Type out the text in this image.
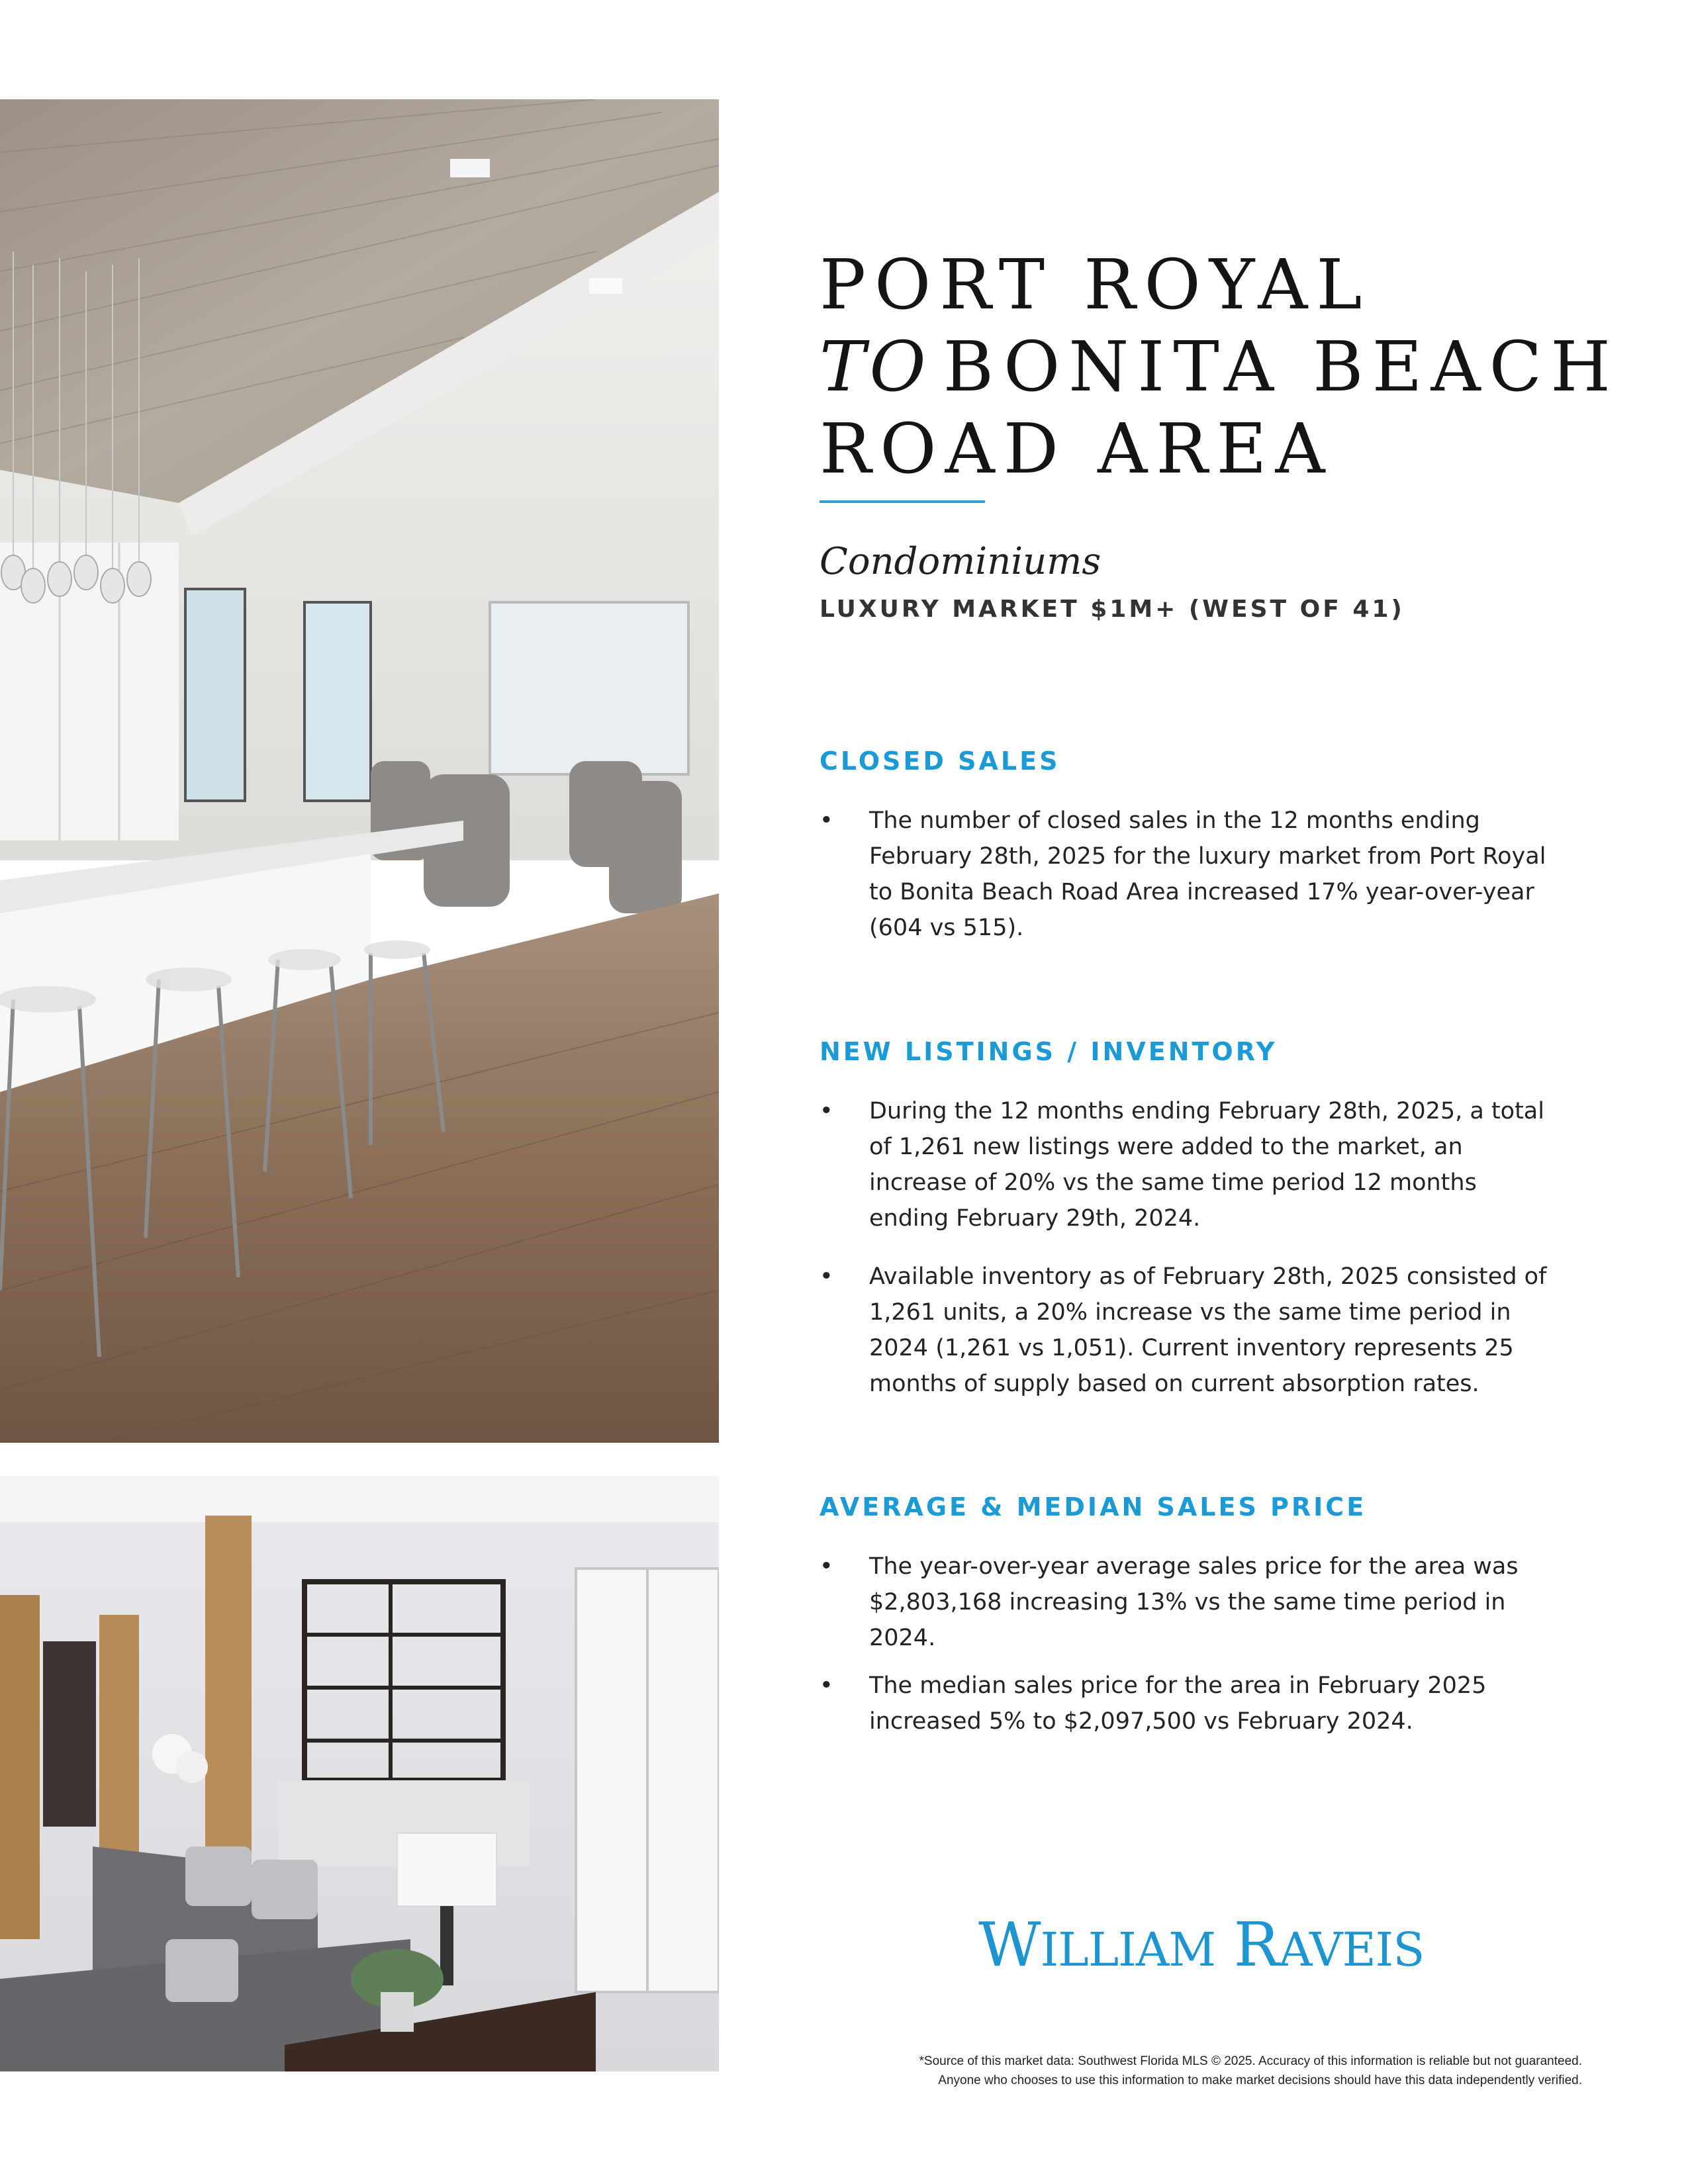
PORT ROYAL
TO BONITA BEACH
ROAD AREA
Condominiums
LUXURY MARKET $1M+ (WEST OF 41)
CLOSED SALES
•	The number of closed sales in the 12 months ending February 28th, 2025 for the luxury market from Port Royal to Bonita Beach Road Area increased 17% year-over-year (604 vs 515).
NEW LISTINGS / INVENTORY
•	During the 12 months ending February 28th, 2025, a total of 1,261 new listings were added to the market, an increase of 20% vs the same time period 12 months ending February 29th, 2024.
•	Available inventory as of February 28th, 2025 consisted of 1,261 units, a 20% increase vs the same time period in 2024 (1,261 vs 1,051). Current inventory represents 25 months of supply based on current absorption rates.
AVERAGE & MEDIAN SALES PRICE
•	The year-over-year average sales price for the area was $2,803,168 increasing 13% vs the same time period in 2024.
•	The median sales price for the area in February 2025 increased 5% to $2,097,500 vs February 2024.
WILLIAM RAVEIS
*Source of this market data: Southwest Florida MLS © 2025. Accuracy of this information is reliable but not guaranteed.
Anyone who chooses to use this information to make market decisions should have this data independently verified.
